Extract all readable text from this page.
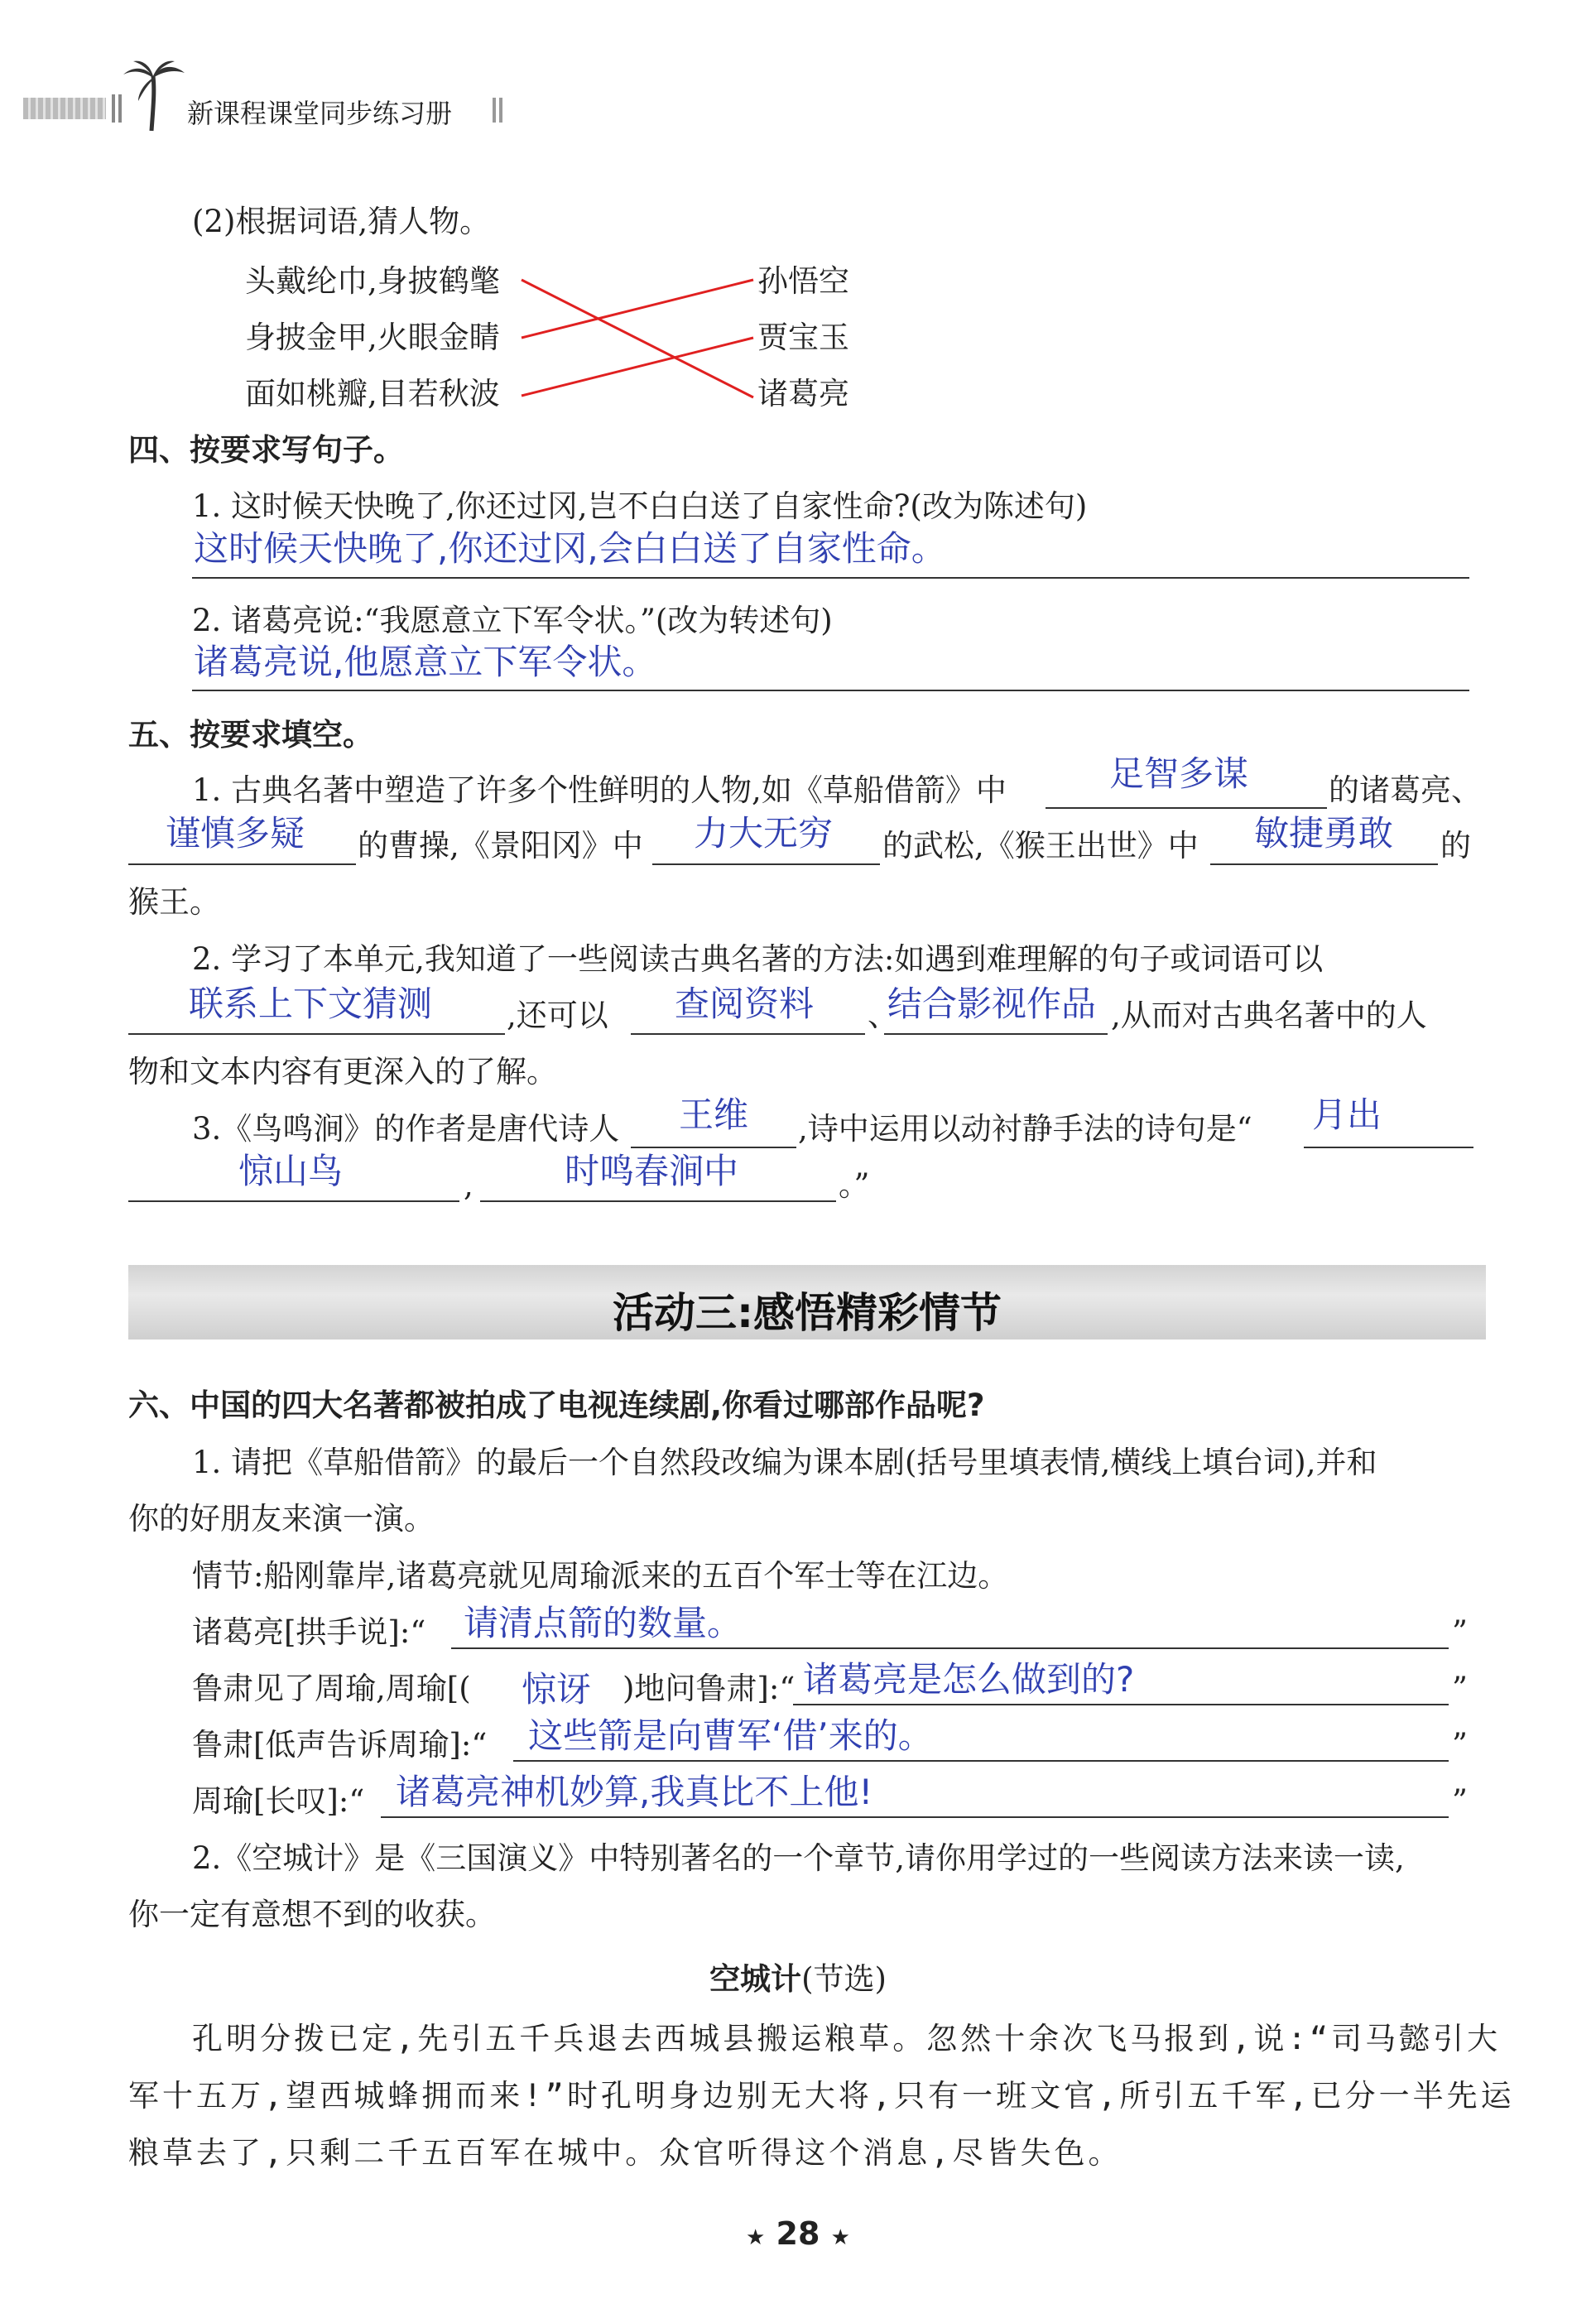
新课程课堂同步练习册
(2)根据词语,猜人物。
头戴纶巾,身披鹤氅
身披金甲,火眼金睛
面如桃瓣,目若秋波
孙悟空
贾宝玉
诸葛亮
四、按要求写句子。
1. 这时候天快晚了,你还过冈,岂不白白送了自家性命?(改为陈述句)
这时候天快晚了,你还过冈,会白白送了自家性命。
2. 诸葛亮说:“我愿意立下军令状。”(改为转述句)
诸葛亮说,他愿意立下军令状。
五、按要求填空。
1. 古典名著中塑造了许多个性鲜明的人物,如《草船借箭》中	足智多谋	的诸葛亮、
谨慎多疑 的曹操,《景阳冈》中 力大无穷 的武松,《猴王出世》中 敏捷勇敢 的
猴王。
2. 学习了本单元,我知道了一些阅读古典名著的方法:如遇到难理解的句子或词语可以
联系上下文猜测 ,还可以 查阅资料 、
结合影视作品 ,从而对古典名著中的人
物和文本内容有更深入的了解。
3.《鸟鸣涧》的作者是唐代诗人 王维 ,诗中运用以动衬静手法的诗句是“ 月出
惊山鸟	,	时鸣春涧中	。”
活动三:感悟精彩情节
六、中国的四大名著都被拍成了电视连续剧,你看过哪部作品呢?
1. 请把《草船借箭》的最后一个自然段改编为课本剧(括号里填表情,横线上填台词),并和
你的好朋友来演一演。
情节:船刚靠岸,诸葛亮就见周瑜派来的五百个军士等在江边。
诸葛亮[拱手说]:“ 请清点箭的数量。	”
鲁肃见了周瑜,周瑜[( 惊讶 )地问鲁肃]:“ 诸葛亮是怎么做到的?	”
鲁肃[低声告诉周瑜]:“ 这些箭是向曹军‘借’来的。	”
周瑜[长叹]:“ 诸葛亮神机妙算,我真比不上他!	”
2.《空城计》是《三国演义》中特别著名的一个章节,请你用学过的一些阅读方法来读一读,
你一定有意想不到的收获。
空城计(节选)
孔明分拨已定,先引五千兵退去西城县搬运粮草。忽然十余次飞马报到,说:“司马懿引大
军十五万,望西城蜂拥而来!”时孔明身边别无大将,只有一班文官,所引五千军,已分一半先运
粮草去了,只剩二千五百军在城中。众官听得这个消息,尽皆失色。
★ 28 ★
